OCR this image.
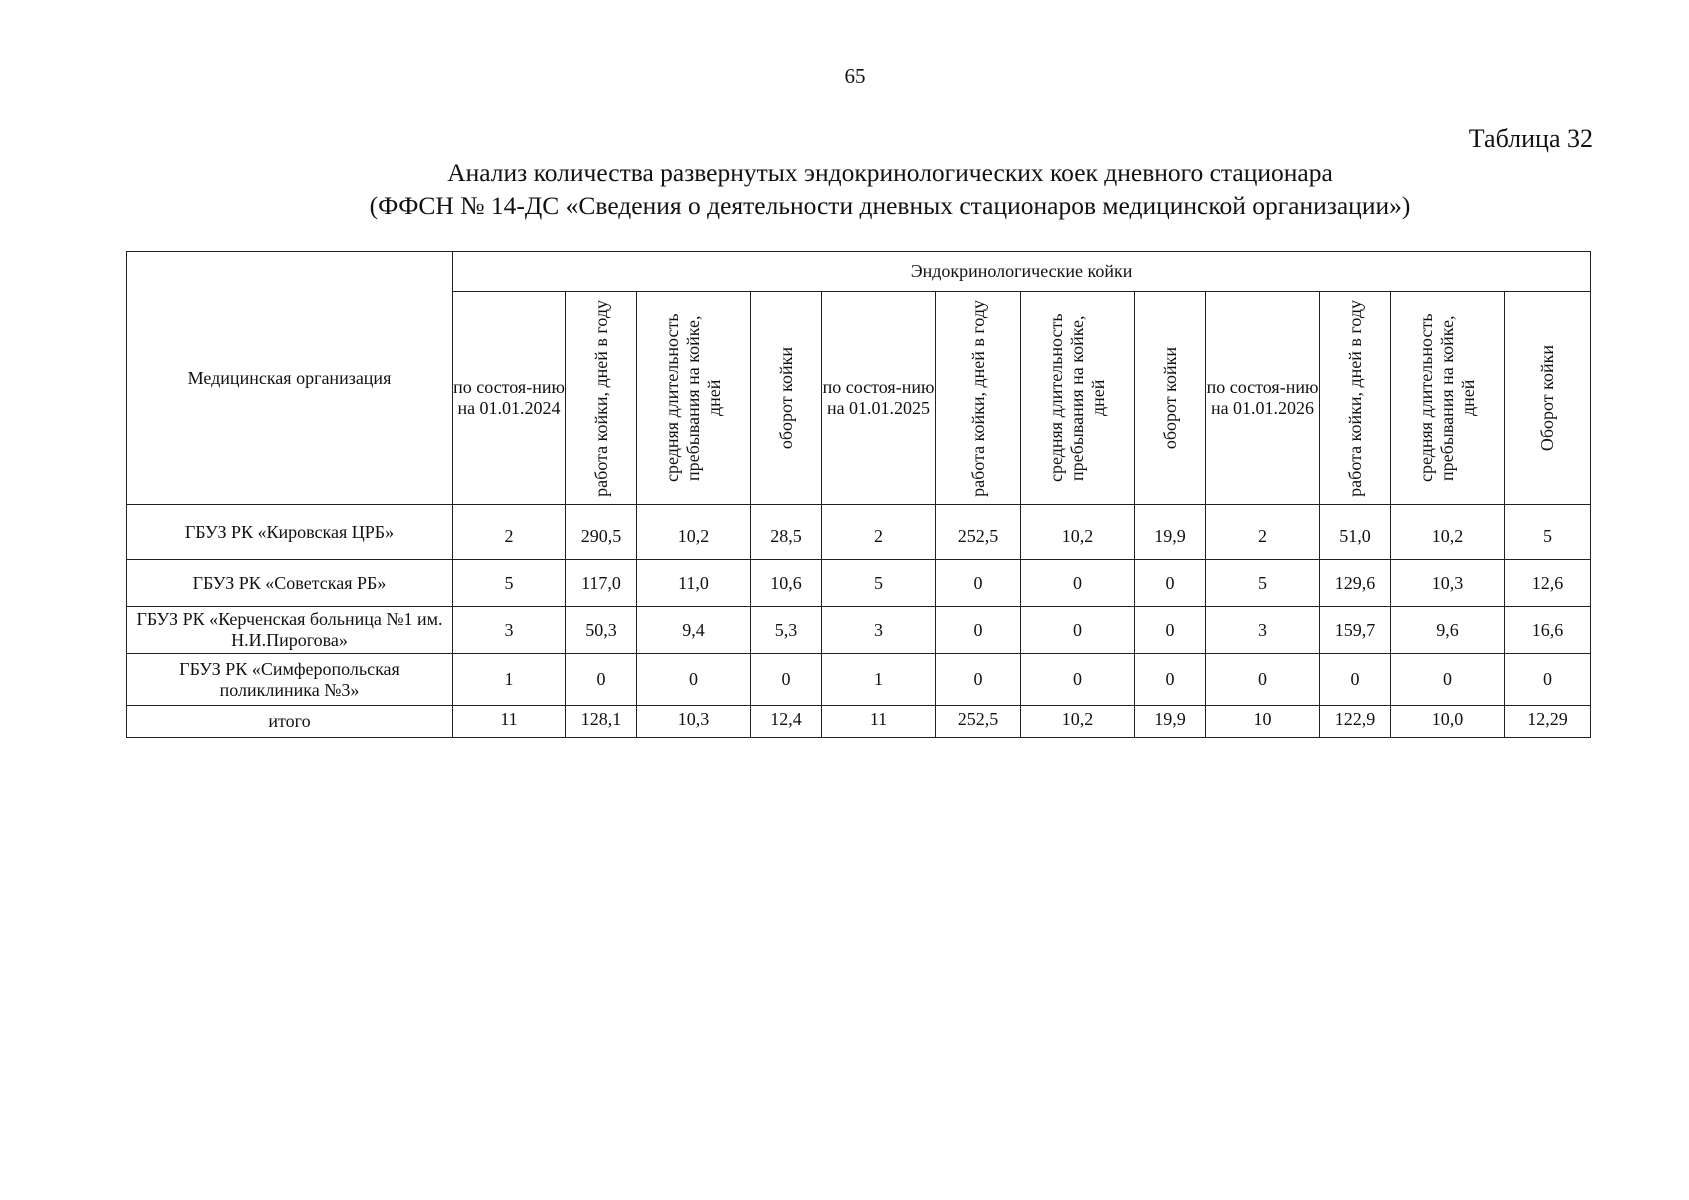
65
Таблица 32
Анализ количества развернутых эндокринологических коек дневного стационара
(ФФСН № 14-ДС «Сведения о деятельности дневных стационаров медицинской организации»)
Медицинская организация	Эндокринологические койки											
	по состоя-нию на 01.01.2024	работа койки, дней в году	средняя длительность пребывания на койке, дней	оборот койки	по состоя-нию на 01.01.2025	работа койки, дней в году	средняя длительность пребывания на койке, дней	оборот койки	по состоя-нию на 01.01.2026	работа койки, дней в году	средняя длительность пребывания на койке, дней	Оборот койки

ГБУЗ РК «Кировская ЦРБ»	2	290,5	10,2	28,5	2	252,5	10,2	19,9	2	51,0	10,2	5
ГБУЗ РК «Советская РБ»	5	117,0	11,0	10,6	5	0	0	0	5	129,6	10,3	12,6
ГБУЗ РК «Керченская больница №1 им. Н.И.Пирогова»	3	50,3	9,4	5,3	3	0	0	0	3	159,7	9,6	16,6
ГБУЗ РК «Симферопольская поликлиника №3»	1	0	0	0	1	0	0	0	0	0	0	0
итого	11	128,1	10,3	12,4	11	252,5	10,2	19,9	10	122,9	10,0	12,29
